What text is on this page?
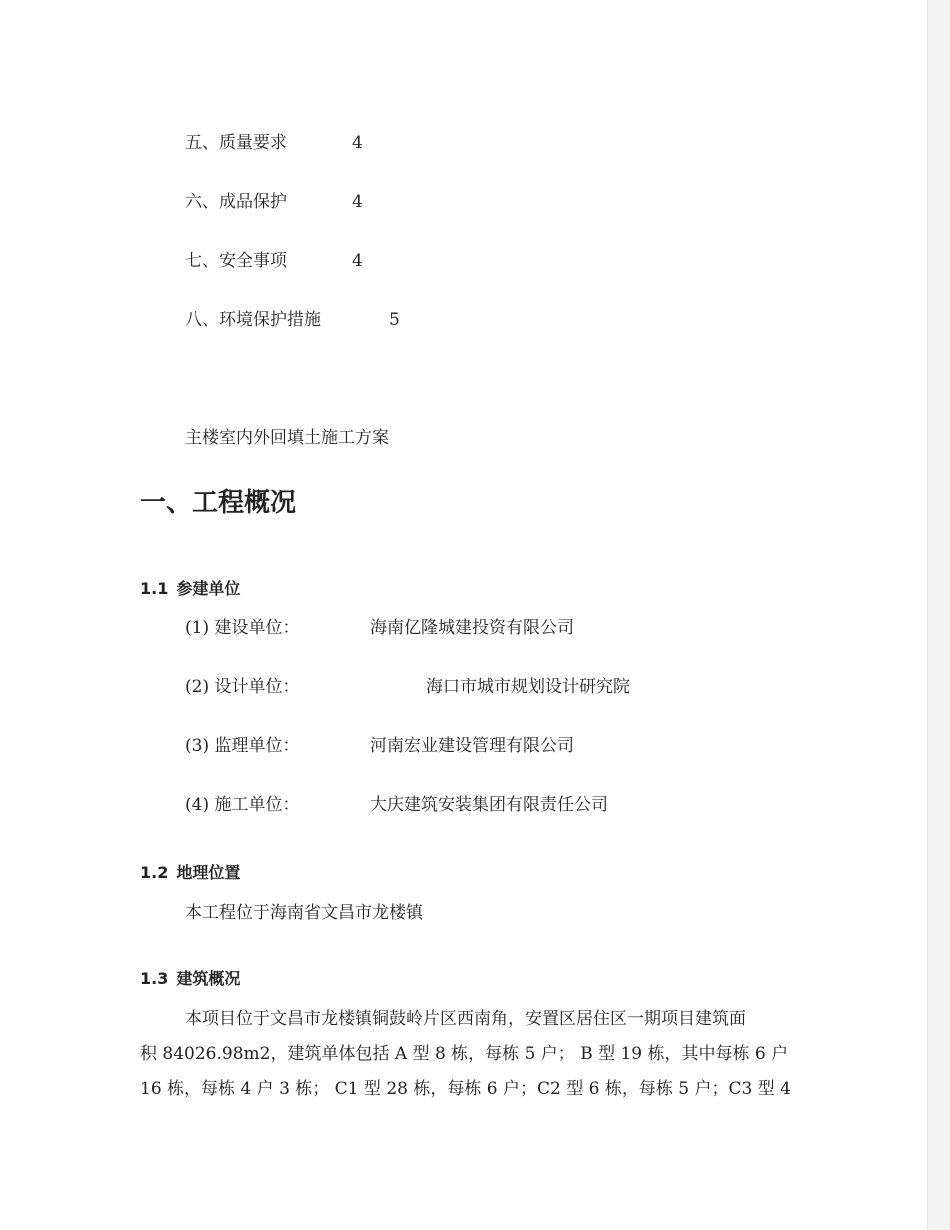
五、质量要求	4
六、成品保护	4
七、安全事项	4
八、环境保护措施	5
主楼室内外回填土施工方案
一、工程概况
1.1 参建单位
(1) 建设单位：	海南亿隆城建投资有限公司
(2) 设计单位：	海口市城市规划设计研究院
(3) 监理单位：	河南宏业建设管理有限公司
(4) 施工单位：	大庆建筑安装集团有限责任公司
1.2 地理位置
本工程位于海南省文昌市龙楼镇
1.3 建筑概况
本项目位于文昌市龙楼镇铜鼓岭片区西南角，安置区居住区一期项目建筑面
积 84026.98m2，建筑单体包括 A 型 8 栋，每栋 5 户； B 型 19 栋，其中每栋 6 户
16 栋，每栋 4 户 3 栋； C1 型 28 栋，每栋 6 户；C2 型 6 栋，每栋 5 户；C3 型 4
